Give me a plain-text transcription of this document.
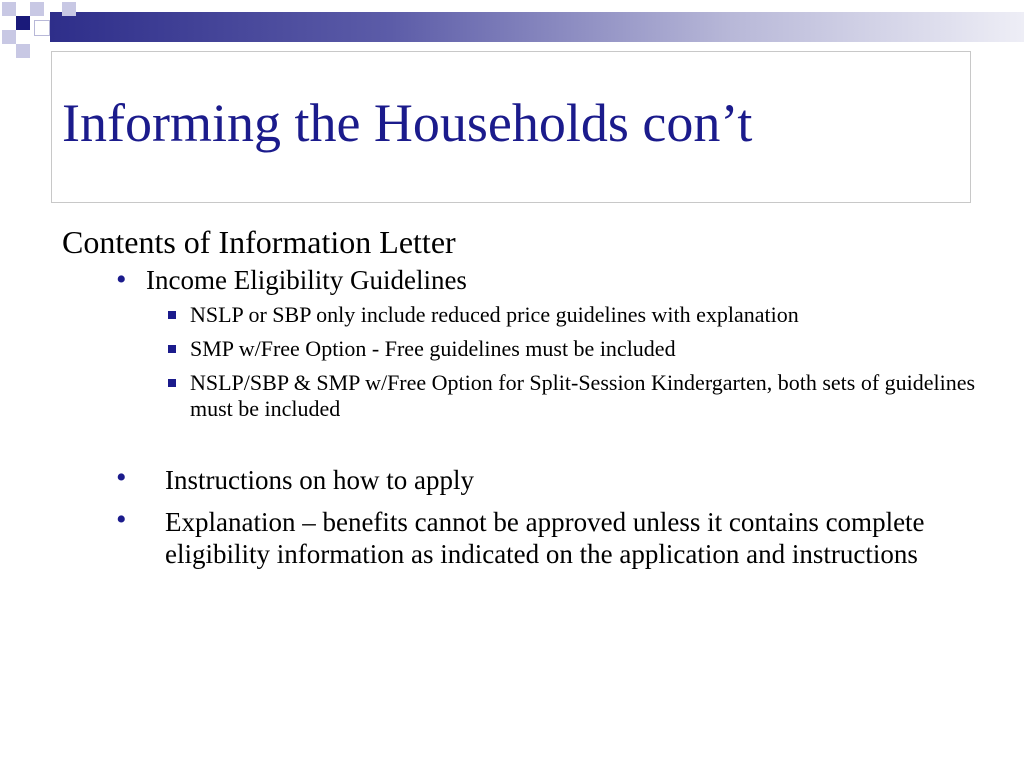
Informing the Households con’t

Contents of Information Letter

• Income Eligibility Guidelines
NSLP or SBP only include reduced price guidelines with explanation
SMP w/Free Option - Free guidelines must be included
NSLP/SBP & SMP w/Free Option for Split-Session Kindergarten, both sets of guidelines must be included
• Instructions on how to apply
• Explanation – benefits cannot be approved unless it contains complete eligibility information as indicated on the application and instructions
